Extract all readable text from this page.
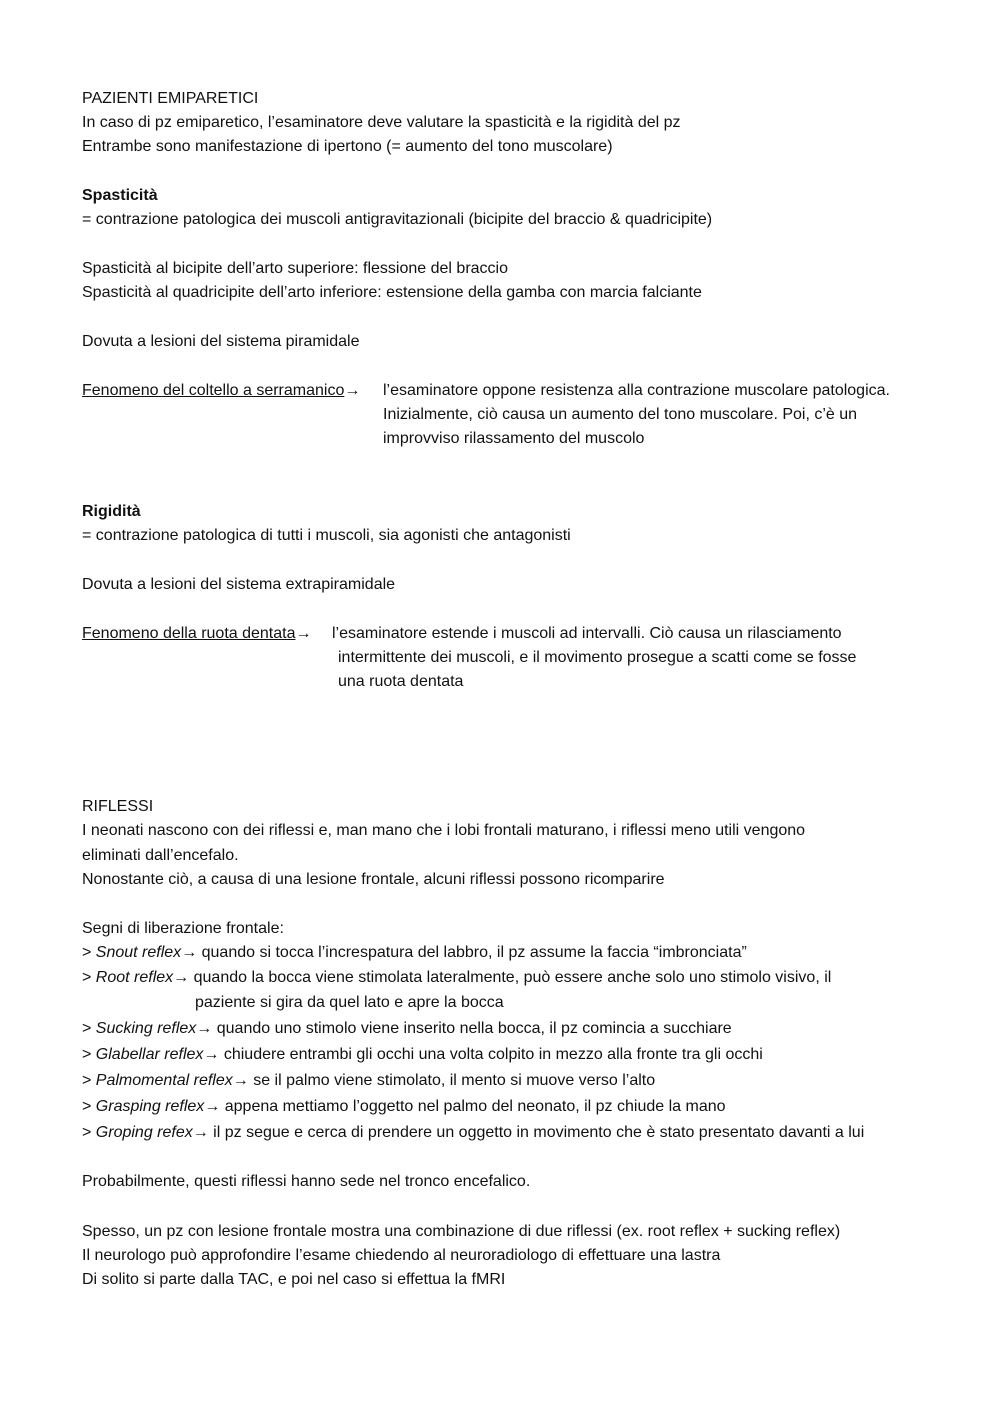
PAZIENTI EMIPARETICI
In caso di pz emiparetico, l’esaminatore deve valutare la spasticità e la rigidità del pz
Entrambe sono manifestazione di ipertono (= aumento del tono muscolare)
Spasticità
= contrazione patologica dei muscoli antigravitazionali (bicipite del braccio & quadricipite)
Spasticità al bicipite dell’arto superiore: flessione del braccio
Spasticità al quadricipite dell’arto inferiore: estensione della gamba con marcia falciante
Dovuta a lesioni del sistema piramidale
Fenomeno del coltello a serramanico→ l’esaminatore oppone resistenza alla contrazione muscolare patologica.
Inizialmente, ciò causa un aumento del tono muscolare. Poi, c’è un
improvviso rilassamento del muscolo
Rigidità
= contrazione patologica di tutti i muscoli, sia agonisti che antagonisti
Dovuta a lesioni del sistema extrapiramidale
Fenomeno della ruota dentata→ l’esaminatore estende i muscoli ad intervalli. Ciò causa un rilasciamento
intermittente dei muscoli, e il movimento prosegue a scatti come se fosse
una ruota dentata
RIFLESSI
I neonati nascono con dei riflessi e, man mano che i lobi frontali maturano, i riflessi meno utili vengono
eliminati dall’encefalo.
Nonostante ciò, a causa di una lesione frontale, alcuni riflessi possono ricomparire
Segni di liberazione frontale:
> Snout reflex→ quando si tocca l’increspatura del labbro, il pz assume la faccia “imbronciata”
> Root reflex→ quando la bocca viene stimolata lateralmente, può essere anche solo uno stimolo visivo, il
paziente si gira da quel lato e apre la bocca
> Sucking reflex→ quando uno stimolo viene inserito nella bocca, il pz comincia a succhiare
> Glabellar reflex→ chiudere entrambi gli occhi una volta colpito in mezzo alla fronte tra gli occhi
> Palmomental reflex→ se il palmo viene stimolato, il mento si muove verso l’alto
> Grasping reflex→ appena mettiamo l’oggetto nel palmo del neonato, il pz chiude la mano
> Groping refex→ il pz segue e cerca di prendere un oggetto in movimento che è stato presentato davanti a lui
Probabilmente, questi riflessi hanno sede nel tronco encefalico.
Spesso, un pz con lesione frontale mostra una combinazione di due riflessi (ex. root reflex + sucking reflex)
Il neurologo può approfondire l’esame chiedendo al neuroradiologo di effettuare una lastra
Di solito si parte dalla TAC, e poi nel caso si effettua la fMRI
